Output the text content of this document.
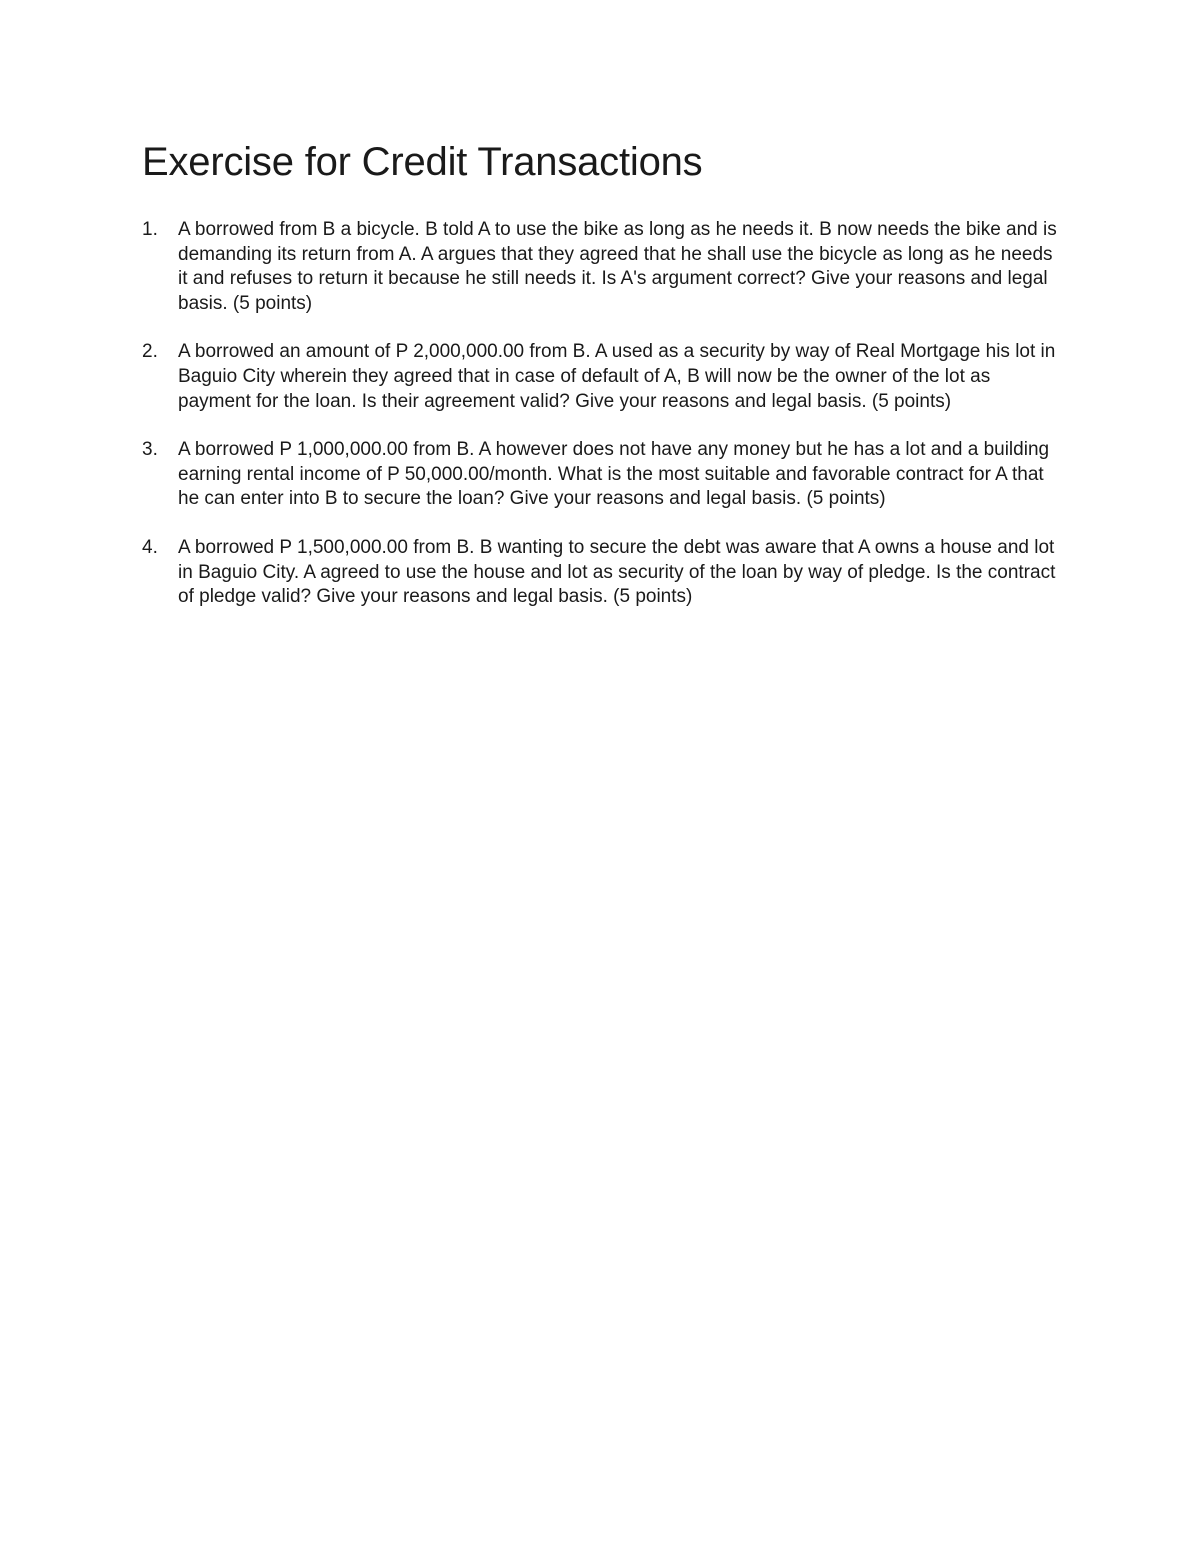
Exercise for Credit Transactions
1. A borrowed from B a bicycle. B told A to use the bike as long as he needs it. B now needs the bike and is demanding its return from A. A argues that they agreed that he shall use the bicycle as long as he needs it and refuses to return it because he still needs it. Is A's argument correct? Give your reasons and legal basis. (5 points)
2. A borrowed an amount of P 2,000,000.00 from B. A used as a security by way of Real Mortgage his lot in Baguio City wherein they agreed that in case of default of A, B will now be the owner of the lot as payment for the loan. Is their agreement valid? Give your reasons and legal basis. (5 points)
3. A borrowed P 1,000,000.00 from B. A however does not have any money but he has a lot and a building earning rental income of P 50,000.00/month. What is the most suitable and favorable contract for A that he can enter into B to secure the loan? Give your reasons and legal basis. (5 points)
4. A borrowed P 1,500,000.00 from B. B wanting to secure the debt was aware that A owns a house and lot in Baguio City. A agreed to use the house and lot as security of the loan by way of pledge. Is the contract of pledge valid? Give your reasons and legal basis. (5 points)
